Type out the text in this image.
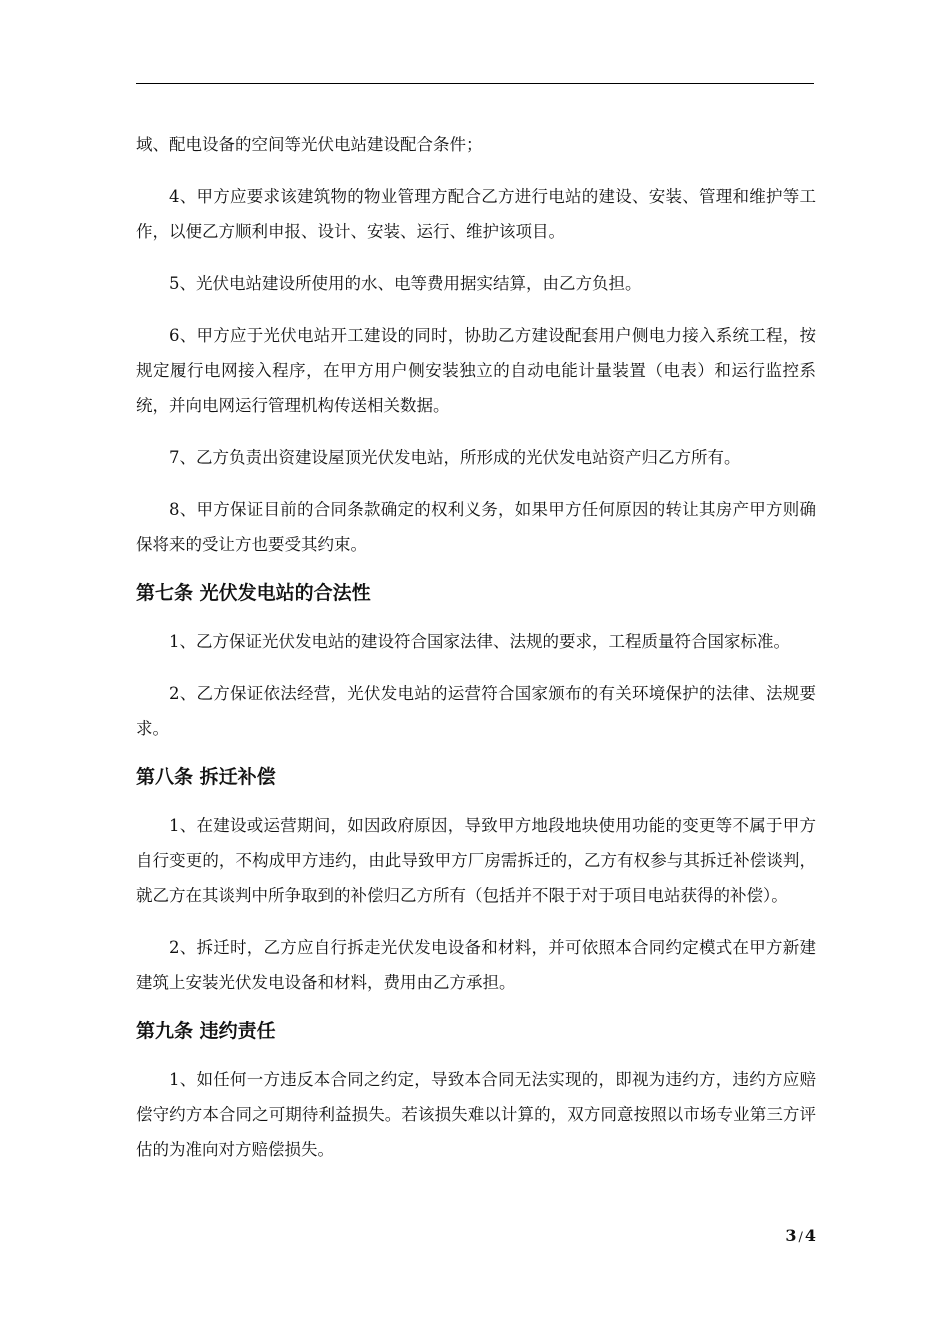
域、配电设备的空间等光伏电站建设配合条件；

4、甲方应要求该建筑物的物业管理方配合乙方进行电站的建设、安装、管理和维护等工作，以便乙方顺利申报、设计、安装、运行、维护该项目。

5、光伏电站建设所使用的水、电等费用据实结算，由乙方负担。

6、甲方应于光伏电站开工建设的同时，协助乙方建设配套用户侧电力接入系统工程，按规定履行电网接入程序，在甲方用户侧安装独立的自动电能计量装置（电表）和运行监控系统，并向电网运行管理机构传送相关数据。

7、乙方负责出资建设屋顶光伏发电站，所形成的光伏发电站资产归乙方所有。

8、甲方保证目前的合同条款确定的权利义务，如果甲方任何原因的转让其房产甲方则确保将来的受让方也要受其约束。

第七条 光伏发电站的合法性

1、乙方保证光伏发电站的建设符合国家法律、法规的要求，工程质量符合国家标准。

2、乙方保证依法经营，光伏发电站的运营符合国家颁布的有关环境保护的法律、法规要求。

第八条 拆迁补偿

1、在建设或运营期间，如因政府原因，导致甲方地段地块使用功能的变更等不属于甲方自行变更的，不构成甲方违约，由此导致甲方厂房需拆迁的，乙方有权参与其拆迁补偿谈判，就乙方在其谈判中所争取到的补偿归乙方所有（包括并不限于对于项目电站获得的补偿）。

2、拆迁时，乙方应自行拆走光伏发电设备和材料，并可依照本合同约定模式在甲方新建建筑上安装光伏发电设备和材料，费用由乙方承担。

第九条 违约责任

1、如任何一方违反本合同之约定，导致本合同无法实现的，即视为违约方，违约方应赔偿守约方本合同之可期待利益损失。若该损失难以计算的，双方同意按照以市场专业第三方评估的为准向对方赔偿损失。

3 / 4
